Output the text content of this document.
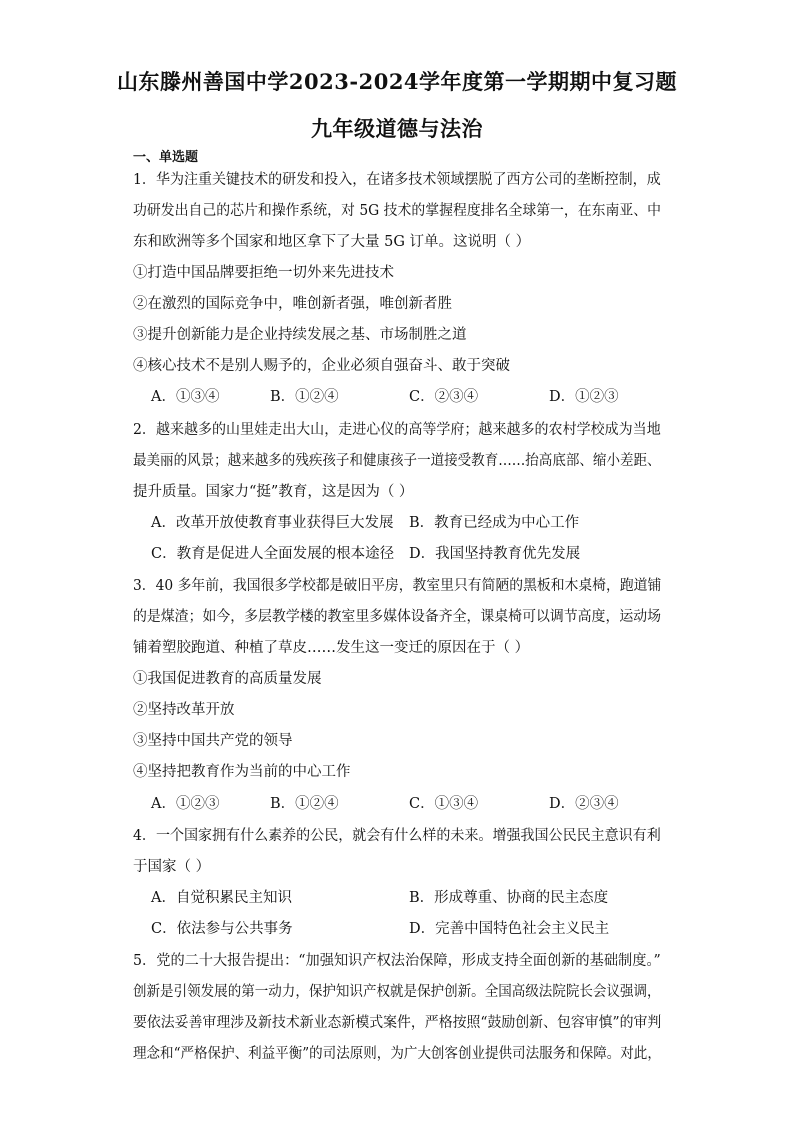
山东滕州善国中学2023-2024学年度第一学期期中复习题
九年级道德与法治
一、单选题
1．华为注重关键技术的研发和投入，在诸多技术领域摆脱了西方公司的垄断控制，成
功研发出自己的芯片和操作系统，对 5G 技术的掌握程度排名全球第一，在东南亚、中
东和欧洲等多个国家和地区拿下了大量 5G 订单。这说明（ ）
①打造中国品牌要拒绝一切外来先进技术
②在激烈的国际竞争中，唯创新者强，唯创新者胜
③提升创新能力是企业持续发展之基、市场制胜之道
④核心技术不是别人赐予的，企业必须自强奋斗、敢于突破
A．①③④	B．①②④	C．②③④	D．①②③
2．越来越多的山里娃走出大山，走进心仪的高等学府；越来越多的农村学校成为当地
最美丽的风景；越来越多的残疾孩子和健康孩子一道接受教育……抬高底部、缩小差距、
提升质量。国家力“挺”教育，这是因为（ ）
A．改革开放使教育事业获得巨大发展 B．教育已经成为中心工作
C．教育是促进人全面发展的根本途径 D．我国坚持教育优先发展
3．40 多年前，我国很多学校都是破旧平房，教室里只有简陋的黑板和木桌椅，跑道铺
的是煤渣；如今，多层教学楼的教室里多媒体设备齐全，课桌椅可以调节高度，运动场
铺着塑胶跑道、种植了草皮……发生这一变迁的原因在于（ ）
①我国促进教育的高质量发展
②坚持改革开放
③坚持中国共产党的领导
④坚持把教育作为当前的中心工作
A．①②③	B．①②④	C．①③④	D．②③④
4．一个国家拥有什么素养的公民，就会有什么样的未来。增强我国公民民主意识有利
于国家（ ）
A．自觉积累民主知识	B．形成尊重、协商的民主态度
C．依法参与公共事务	D．完善中国特色社会主义民主
5．党的二十大报告提出：“加强知识产权法治保障，形成支持全面创新的基础制度。”
创新是引领发展的第一动力，保护知识产权就是保护创新。全国高级法院院长会议强调，
要依法妥善审理涉及新技术新业态新模式案件，严格按照“鼓励创新、包容审慎”的审判
理念和“严格保护、利益平衡”的司法原则，为广大创客创业提供司法服务和保障。对此，
